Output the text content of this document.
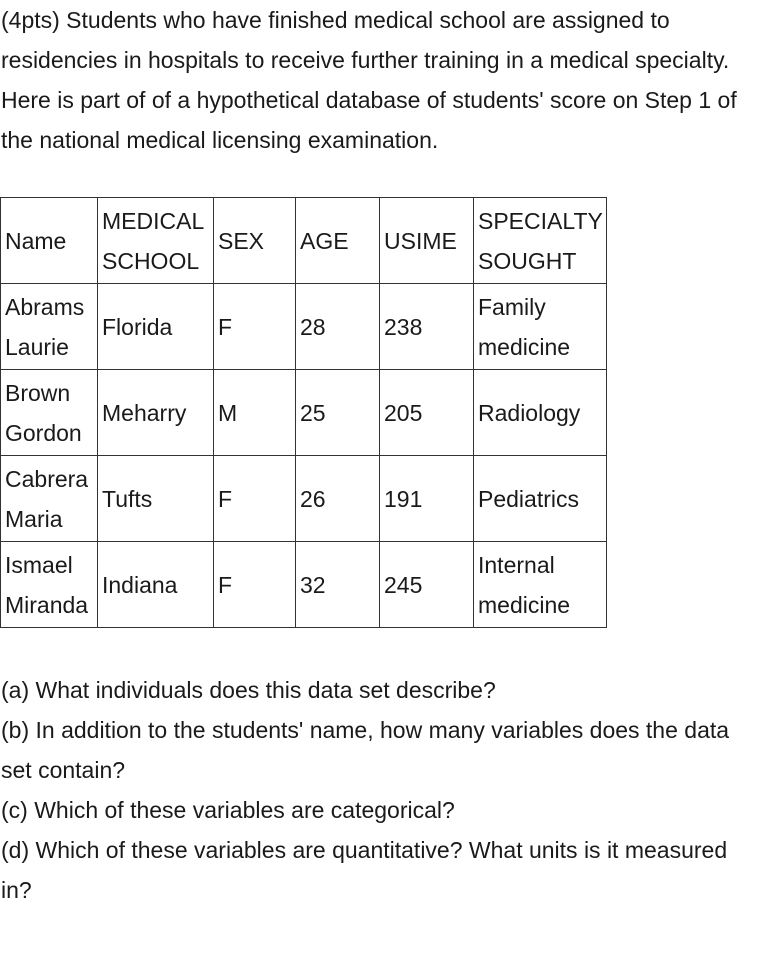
(4pts) Students who have finished medical school are assigned to residencies in hospitals to receive further training in a medical specialty. Here is part of of a hypothetical database of students' score on Step 1 of the national medical licensing examination.

Name	MEDICAL
SCHOOL	SEX	AGE	USIME	SPECIALTY
SOUGHT

Abrams
Laurie	Florida	F	28	238	Family
medicine

Brown
Gordon	Meharry	M	25	205	Radiology

Cabrera
Maria	Tufts	F	26	191	Pediatrics

Ismael
Miranda	Indiana	F	32	245	Internal
medicine

(a) What individuals does this data set describe?

(b) In addition to the students' name, how many variables does the data set contain?

(c) Which of these variables are categorical?

(d) Which of these variables are quantitative? What units is it measured in?
